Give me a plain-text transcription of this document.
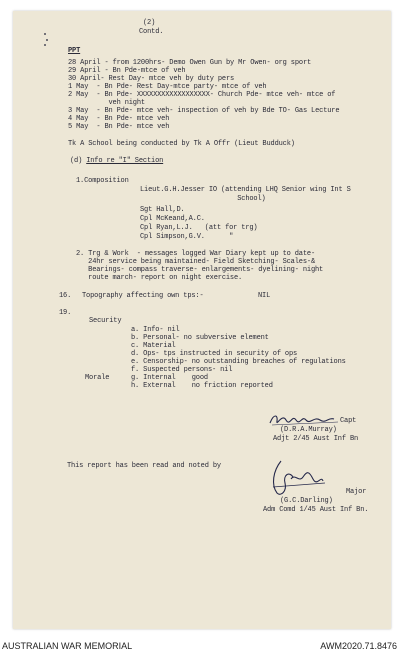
(2)
Contd.
PPT
28 April - from 1200hrs- Demo Owen Gun by Mr Owen- org sport
29 April - Bn Pde-mtce of veh
30 April- Rest Day- mtce veh by duty pers
1 May  - Bn Pde- Rest Day-mtce party- mtce of veh
2 May  - Bn Pde- XXXXXXXXXXXXXXXXXX- Church Pde- mtce veh- mtce of
veh night
3 May  - Bn Pde- mtce veh- inspection of veh by Bde TO- Gas Lecture
4 May  - Bn Pde- mtce veh
5 May  - Bn Pde- mtce veh
Tk A School being conducted by Tk A Offr (Lieut Budduck)
(d) Info re "I" Section
1.Composition
Lieut.G.H.Jesser IO (attending LHQ Senior wing Int S
School)
Sgt Hall,D.
Cpl McKeand,A.C.
Cpl Ryan,L.J.   (att for trg)
Cpl Simpson,G.V.      "
2. Trg & Work  - messages logged War Diary kept up to date-
24hr service being maintained- Field Sketching- Scales-&
Bearings- compass traverse- enlargements- dyelining- night
route march- report on night exercise.
16. Topography affecting own tps:-	NIL
19.
Security
a. Info- nil
b. Personal- no subversive element
c. Material
d. Ops- tps instructed in security of ops
e. Censorship- no outstanding breaches of regulations
f. Suspected persons- nil
g. Internal    good
h. External    no friction reported
Morale
Capt
(D.R.A.Murray)
Adjt 2/45 Aust Inf Bn
This report has been read and noted by
Major
(G.C.Darling)
Adm Comd 1/45 Aust Inf Bn.
AUSTRALIAN WAR MEMORIAL	AWM2020.71.8476
